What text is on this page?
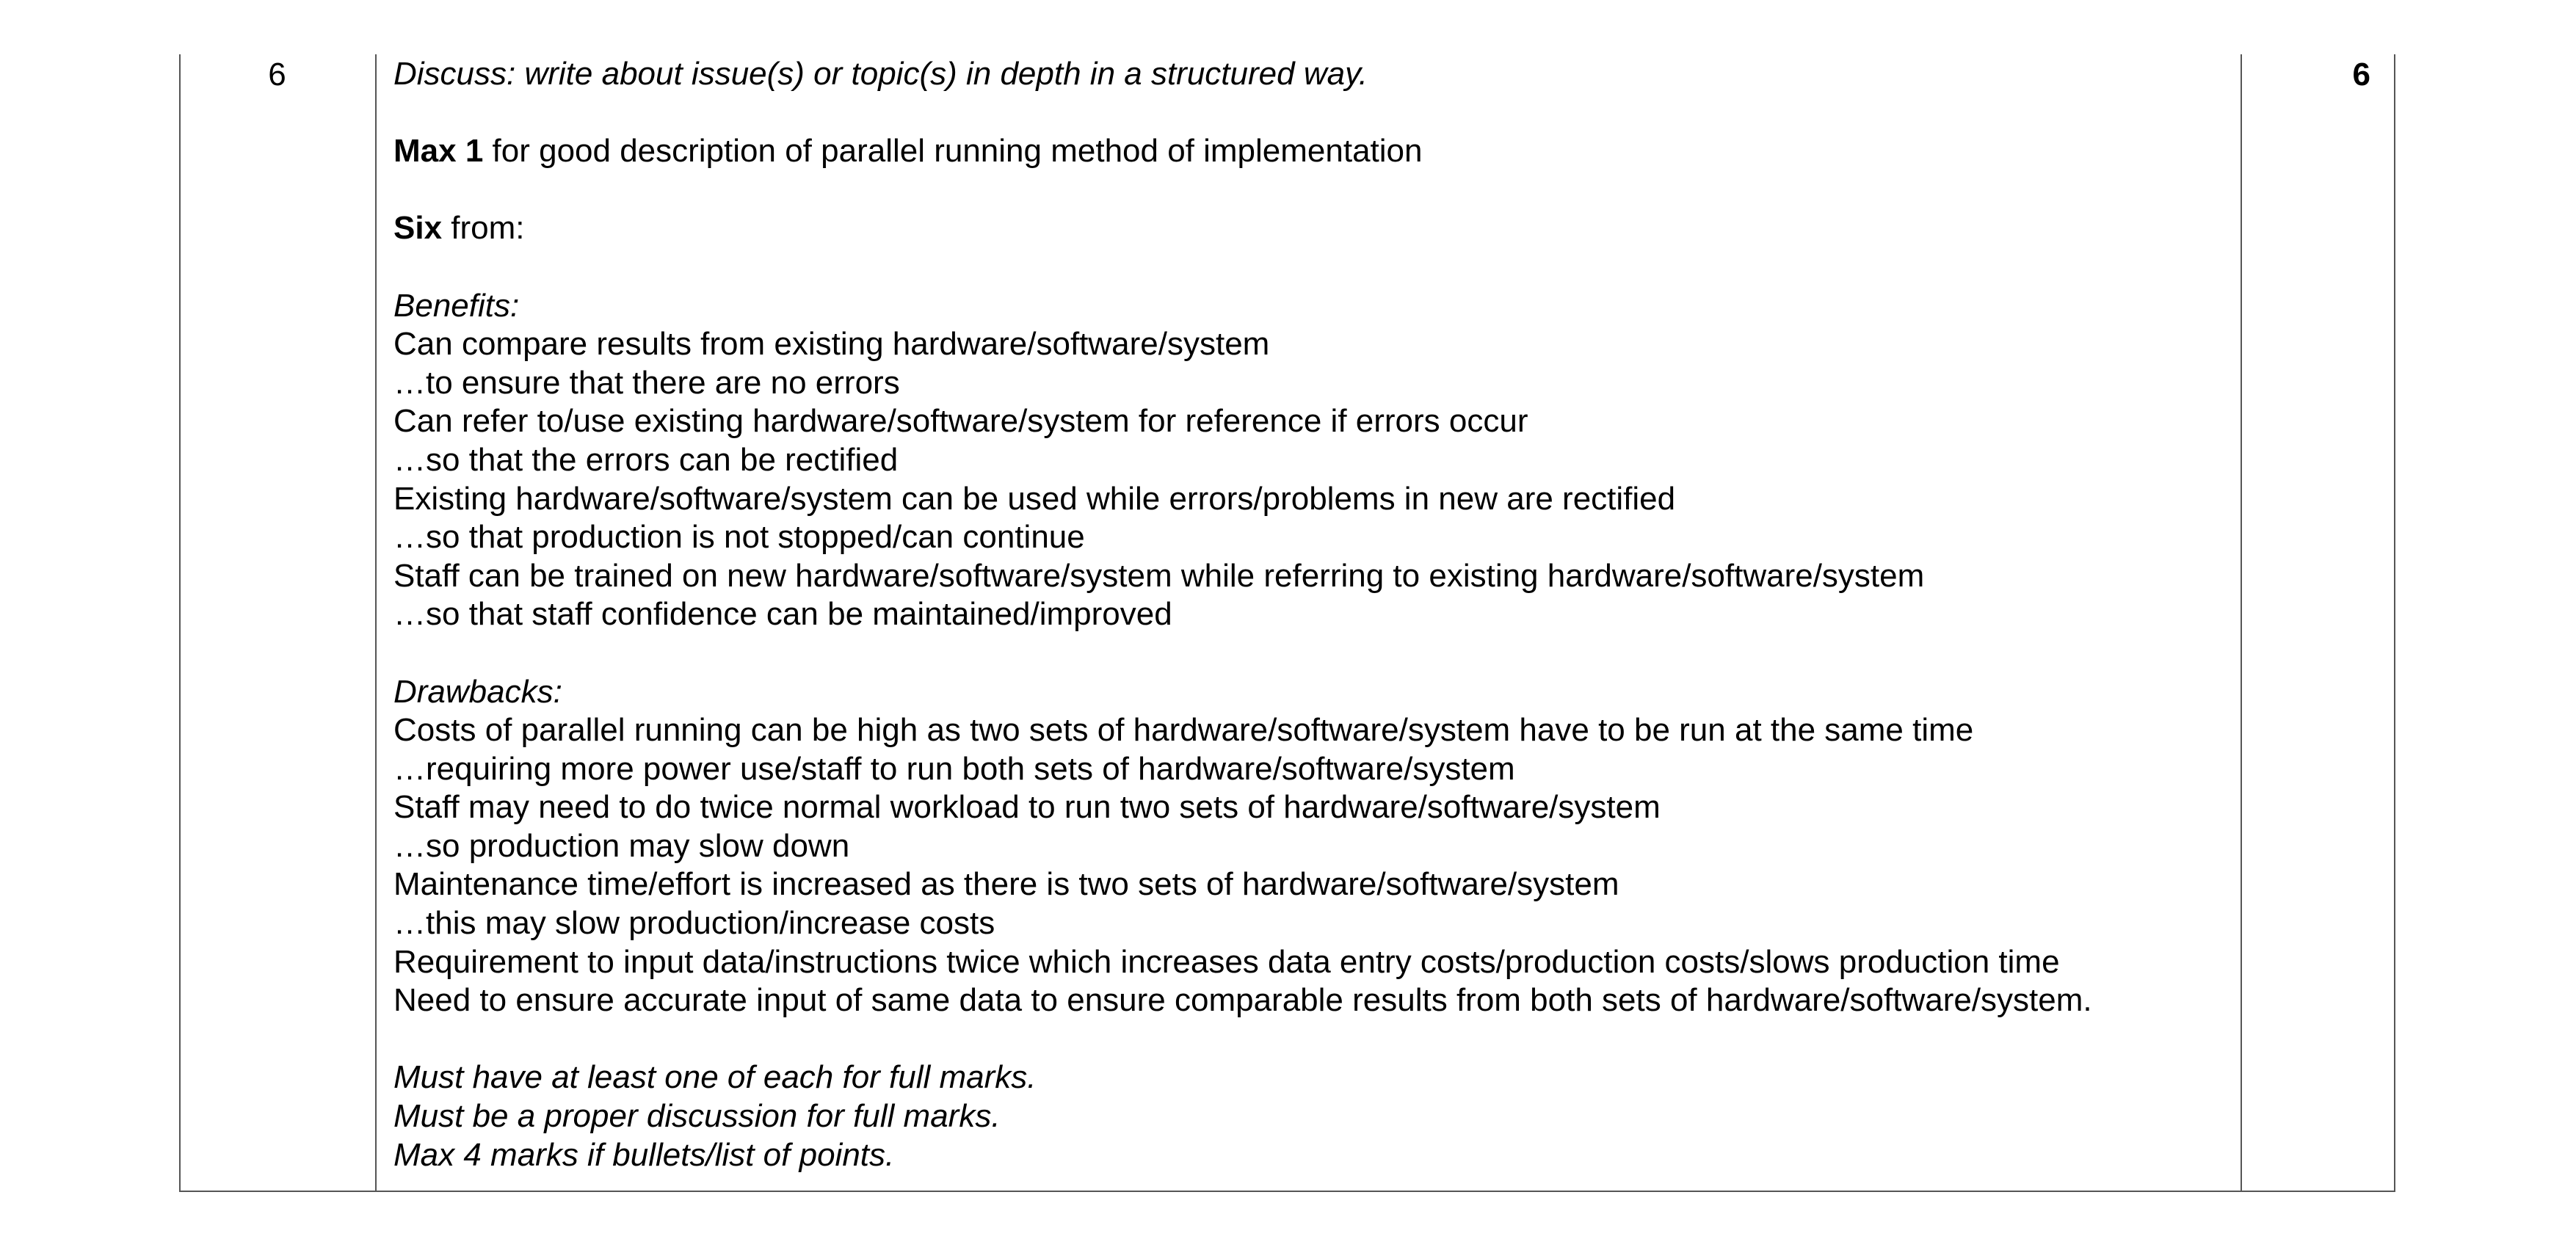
6	6
Discuss: write about issue(s) or topic(s) in depth in a structured way.
Max 1 for good description of parallel running method of implementation
Six from:
Benefits:
Can compare results from existing hardware/software/system
…to ensure that there are no errors
Can refer to/use existing hardware/software/system for reference if errors occur
…so that the errors can be rectified
Existing hardware/software/system can be used while errors/problems in new are rectified
…so that production is not stopped/can continue
Staff can be trained on new hardware/software/system while referring to existing hardware/software/system
…so that staff confidence can be maintained/improved
Drawbacks:
Costs of parallel running can be high as two sets of hardware/software/system have to be run at the same time
…requiring more power use/staff to run both sets of hardware/software/system
Staff may need to do twice normal workload to run two sets of hardware/software/system
…so production may slow down
Maintenance time/effort is increased as there is two sets of hardware/software/system
…this may slow production/increase costs
Requirement to input data/instructions twice which increases data entry costs/production costs/slows production time
Need to ensure accurate input of same data to ensure comparable results from both sets of hardware/software/system.
Must have at least one of each for full marks.
Must be a proper discussion for full marks.
Max 4 marks if bullets/list of points.
